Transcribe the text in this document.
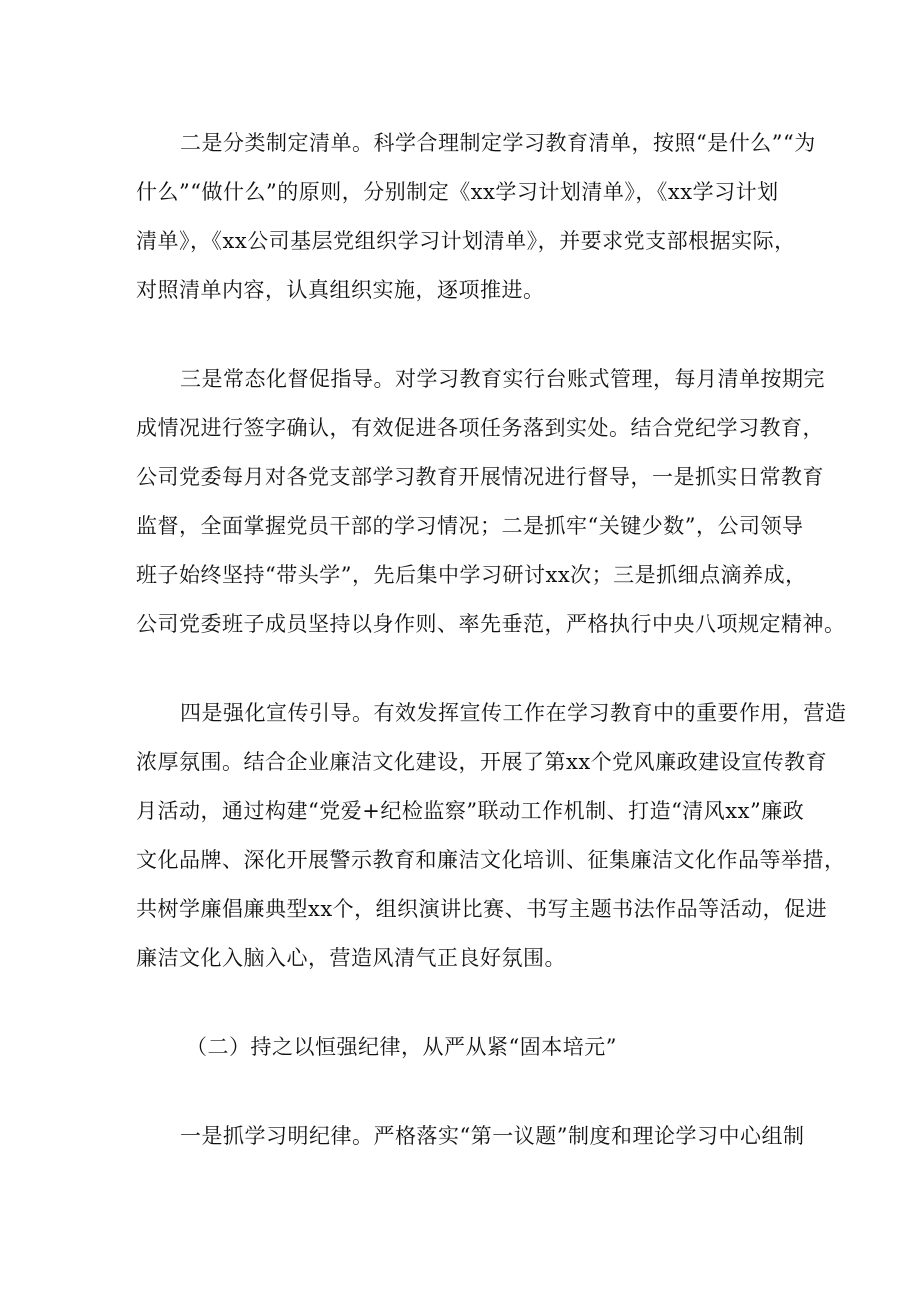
二是分类制定清单。科学合理制定学习教育清单，按照“是什么”“为
什么”“做什么”的原则，分别制定《xx学习计划清单》，《xx学习计划
清单》，《xx公司基层党组织学习计划清单》，并要求党支部根据实际，
对照清单内容，认真组织实施，逐项推进。
三是常态化督促指导。对学习教育实行台账式管理，每月清单按期完
成情况进行签字确认，有效促进各项任务落到实处。结合党纪学习教育，
公司党委每月对各党支部学习教育开展情况进行督导，一是抓实日常教育
监督，全面掌握党员干部的学习情况；二是抓牢“关键少数”，公司领导
班子始终坚持“带头学”，先后集中学习研讨xx次；三是抓细点滴养成，
公司党委班子成员坚持以身作则、率先垂范，严格执行中央八项规定精神。
四是强化宣传引导。有效发挥宣传工作在学习教育中的重要作用，营造
浓厚氛围。结合企业廉洁文化建设，开展了第xx个党风廉政建设宣传教育
月活动，通过构建“党爱+纪检监察”联动工作机制、打造“清风xx”廉政
文化品牌、深化开展警示教育和廉洁文化培训、征集廉洁文化作品等举措，
共树学廉倡廉典型xx个，组织演讲比赛、书写主题书法作品等活动，促进
廉洁文化入脑入心，营造风清气正良好氛围。
（二）持之以恒强纪律，从严从紧“固本培元”
一是抓学习明纪律。严格落实“第一议题”制度和理论学习中心组制
